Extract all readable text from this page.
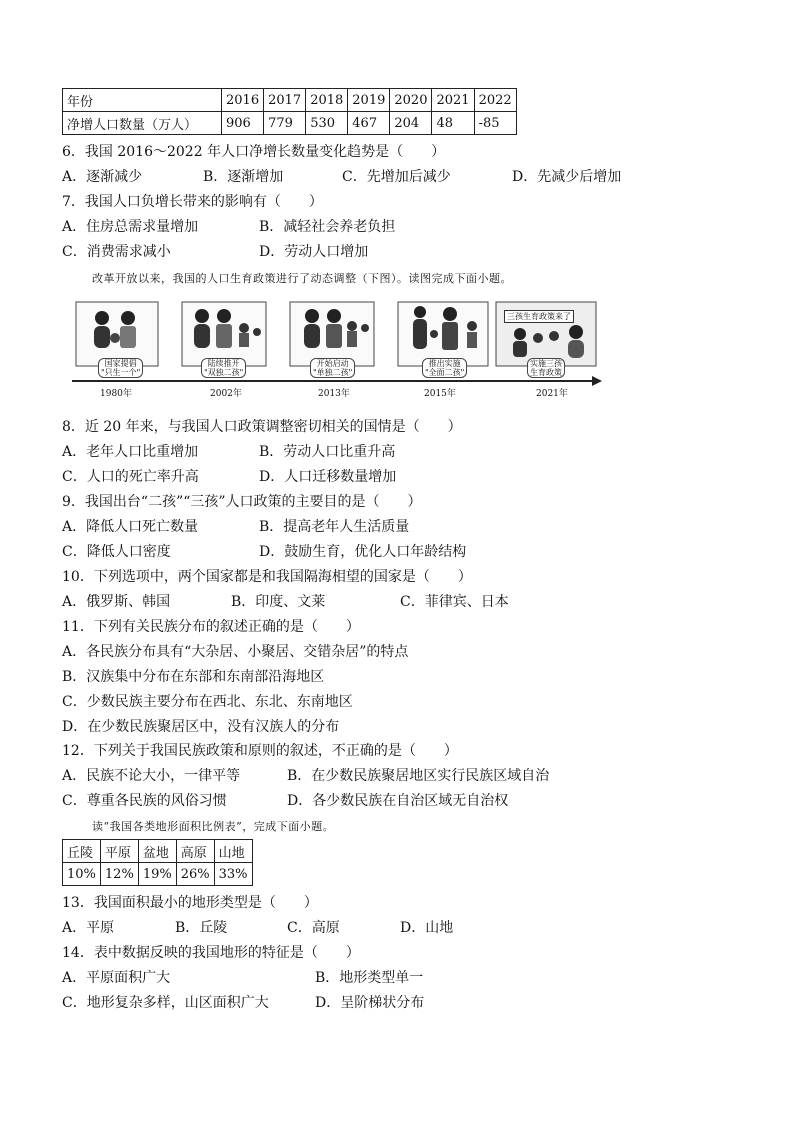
年份	2016	2017	2018	2019	2020	2021	2022
净增人口数量（万人）	906	779	530	467	204	48	-85
6．我国 2016～2022 年人口净增长数量变化趋势是（　　）
A．逐渐减少	B．逐渐增加	C．先增加后减少	D．先减少后增加
7．我国人口负增长带来的影响有（　　）
A．住房总需求量增加	B．减轻社会养老负担
C．消费需求减小	D．劳动人口增加
改革开放以来，我国的人口生育政策进行了动态调整（下图）。读图完成下面小题。
三孩生育政策来了
国家提倡
"只生一个"
陆续推开
"双独二孩"
开始启动
"单独二孩"
推出实施
"全面二孩"
实施三孩
生育政策
1980年	2002年	2013年	2015年	2021年
8．近 20 年来，与我国人口政策调整密切相关的国情是（　　）
A．老年人口比重增加	B．劳动人口比重升高
C．人口的死亡率升高	D．人口迁移数量增加
9．我国出台“二孩”“三孩”人口政策的主要目的是（　　）
A．降低人口死亡数量	B．提高老年人生活质量
C．降低人口密度	D．鼓励生育，优化人口年龄结构
10．下列选项中，两个国家都是和我国隔海相望的国家是（　　）
A．俄罗斯、韩国	B．印度、文莱	C．菲律宾、日本
11．下列有关民族分布的叙述正确的是（　　）
A．各民族分布具有“大杂居、小聚居、交错杂居”的特点
B．汉族集中分布在东部和东南部沿海地区
C．少数民族主要分布在西北、东北、东南地区
D．在少数民族聚居区中，没有汉族人的分布
12．下列关于我国民族政策和原则的叙述，不正确的是（　　）
A．民族不论大小，一律平等	B．在少数民族聚居地区实行民族区域自治
C．尊重各民族的风俗习惯	D．各少数民族在自治区域无自治权
读“我国各类地形面积比例表”，完成下面小题。
丘陵	平原	盆地	高原	山地
10%	12%	19%	26%	33%
13．我国面积最小的地形类型是（　　）
A．平原	B．丘陵	C．高原	D．山地
14．表中数据反映的我国地形的特征是（　　）
A．平原面积广大	B．地形类型单一
C．地形复杂多样，山区面积广大	D．呈阶梯状分布
